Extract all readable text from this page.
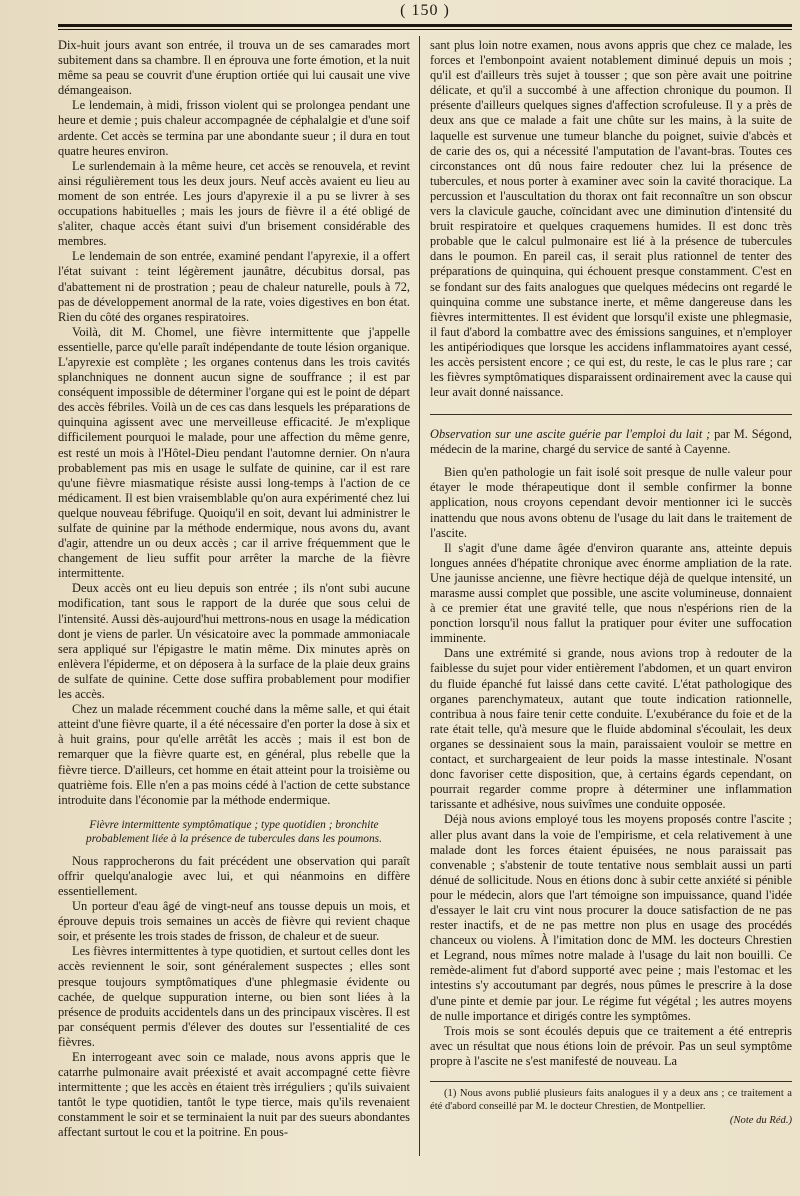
( 150 )

Dix-huit jours avant son entrée, il trouva un de ses camarades mort subitement dans sa chambre. Il en éprouva une forte émotion, et la nuit même sa peau se couvrit d'une éruption ortiée qui lui causait une vive démangeaison.

Le lendemain, à midi, frisson violent qui se prolongea pendant une heure et demie ; puis chaleur accompagnée de céphalalgie et d'une soif ardente. Cet accès se termina par une abondante sueur ; il dura en tout quatre heures environ.

Le surlendemain à la même heure, cet accès se renouvela, et revint ainsi régulièrement tous les deux jours. Neuf accès avaient eu lieu au moment de son entrée. Les jours d'apyrexie il a pu se livrer à ses occupations habituelles ; mais les jours de fièvre il a été obligé de s'aliter, chaque accès étant suivi d'un brisement considérable des membres.

Le lendemain de son entrée, examiné pendant l'apyrexie, il a offert l'état suivant : teint légèrement jaunâtre, décubitus dorsal, pas d'abattement ni de prostration ; peau de chaleur naturelle, pouls à 72, pas de développement anormal de la rate, voies digestives en bon état. Rien du côté des organes respiratoires.

Voilà, dit M. Chomel, une fièvre intermittente que j'appelle essentielle, parce qu'elle paraît indépendante de toute lésion organique. L'apyrexie est complète ; les organes contenus dans les trois cavités splanchniques ne donnent aucun signe de souffrance ; il est par conséquent impossible de déterminer l'organe qui est le point de départ des accès fébriles. Voilà un de ces cas dans lesquels les préparations de quinquina agissent avec une merveilleuse efficacité. Je m'explique difficilement pourquoi le malade, pour une affection du même genre, est resté un mois à l'Hôtel-Dieu pendant l'automne dernier. On n'aura probablement pas mis en usage le sulfate de quinine, car il est rare qu'une fièvre miasmatique résiste aussi long-temps à l'action de ce médicament. Il est bien vraisemblable qu'on aura expérimenté chez lui quelque nouveau fébrifuge. Quoiqu'il en soit, devant lui administrer le sulfate de quinine par la méthode endermique, nous avons du, avant d'agir, attendre un ou deux accès ; car il arrive fréquemment que le changement de lieu suffit pour arrêter la marche de la fièvre intermittente.

Deux accès ont eu lieu depuis son entrée ; ils n'ont subi aucune modification, tant sous le rapport de la durée que sous celui de l'intensité. Aussi dès-aujourd'hui mettrons-nous en usage la médication dont je viens de parler. Un vésicatoire avec la pommade ammoniacale sera appliqué sur l'épigastre le matin même. Dix minutes après on enlèvera l'épiderme, et on déposera à la surface de la plaie deux grains de sulfate de quinine. Cette dose suffira probablement pour modifier les accès.

Chez un malade récemment couché dans la même salle, et qui était atteint d'une fièvre quarte, il a été nécessaire d'en porter la dose à six et à huit grains, pour qu'elle arrêtât les accès ; mais il est bon de remarquer que la fièvre quarte est, en général, plus rebelle que la fièvre tierce. D'ailleurs, cet homme en était atteint pour la troisième ou quatrième fois. Elle n'en a pas moins cédé à l'action de cette substance introduite dans l'économie par la méthode endermique.

Fièvre intermittente symptômatique ; type quotidien ; bronchite probablement liée à la présence de tubercules dans les poumons.

Nous rapprocherons du fait précédent une observation qui paraît offrir quelqu'analogie avec lui, et qui néanmoins en diffère essentiellement.

Un porteur d'eau âgé de vingt-neuf ans tousse depuis un mois, et éprouve depuis trois semaines un accès de fièvre qui revient chaque soir, et présente les trois stades de frisson, de chaleur et de sueur.

Les fièvres intermittentes à type quotidien, et surtout celles dont les accès reviennent le soir, sont généralement suspectes ; elles sont presque toujours symptômatiques d'une phlegmasie évidente ou cachée, de quelque suppuration interne, ou bien sont liées à la présence de produits accidentels dans un des principaux viscères. Il est par conséquent permis d'élever des doutes sur l'essentialité de ces fièvres.

En interrogeant avec soin ce malade, nous avons appris que le catarrhe pulmonaire avait préexisté et avait accompagné cette fièvre intermittente ; que les accès en étaient très irréguliers ; qu'ils suivaient tantôt le type quotidien, tantôt le type tierce, mais qu'ils revenaient constamment le soir et se terminaient la nuit par des sueurs abondantes affectant surtout le cou et la poitrine. En pous-

sant plus loin notre examen, nous avons appris que chez ce malade, les forces et l'embonpoint avaient notablement diminué depuis un mois ; qu'il est d'ailleurs très sujet à tousser ; que son père avait une poitrine délicate, et qu'il a succombé à une affection chronique du poumon. Il présente d'ailleurs quelques signes d'affection scrofuleuse. Il y a près de deux ans que ce malade a fait une chûte sur les mains, à la suite de laquelle est survenue une tumeur blanche du poignet, suivie d'abcès et de carie des os, qui a nécessité l'amputation de l'avant-bras. Toutes ces circonstances ont dû nous faire redouter chez lui la présence de tubercules, et nous porter à examiner avec soin la cavité thoracique. La percussion et l'auscultation du thorax ont fait reconnaître un son obscur vers la clavicule gauche, coïncidant avec une diminution d'intensité du bruit respiratoire et quelques craquemens humides. Il est donc très probable que le calcul pulmonaire est lié à la présence de tubercules dans le poumon. En pareil cas, il serait plus rationnel de tenter des préparations de quinquina, qui échouent presque constamment. C'est en se fondant sur des faits analogues que quelques médecins ont regardé le quinquina comme une substance inerte, et même dangereuse dans les fièvres intermittentes. Il est évident que lorsqu'il existe une phlegmasie, il faut d'abord la combattre avec des émissions sanguines, et n'employer les antipériodiques que lorsque les accidens inflammatoires ayant cessé, les accès persistent encore ; ce qui est, du reste, le cas le plus rare ; car les fièvres symptômatiques disparaissent ordinairement avec la cause qui leur avait donné naissance.

Observation sur une ascite guérie par l'emploi du lait ; par M. Ségond, médecin de la marine, chargé du service de santé à Cayenne.

Bien qu'en pathologie un fait isolé soit presque de nulle valeur pour étayer le mode thérapeutique dont il semble confirmer la bonne application, nous croyons cependant devoir mentionner ici le succès inattendu que nous avons obtenu de l'usage du lait dans le traitement de l'ascite.

Il s'agit d'une dame âgée d'environ quarante ans, atteinte depuis longues années d'hépatite chronique avec énorme ampliation de la rate. Une jaunisse ancienne, une fièvre hectique déjà de quelque intensité, un marasme aussi complet que possible, une ascite volumineuse, donnaient à ce premier état une gravité telle, que nous n'espérions rien de la ponction lorsqu'il nous fallut la pratiquer pour éviter une suffocation imminente.

Dans une extrémité si grande, nous avions trop à redouter de la faiblesse du sujet pour vider entièrement l'abdomen, et un quart environ du fluide épanché fut laissé dans cette cavité. L'état pathologique des organes parenchymateux, autant que toute indication rationnelle, contribua à nous faire tenir cette conduite. L'exubérance du foie et de la rate était telle, qu'à mesure que le fluide abdominal s'écoulait, les deux organes se dessinaient sous la main, paraissaient vouloir se mettre en contact, et surchargeaient de leur poids la masse intestinale. N'osant donc favoriser cette disposition, que, à certains égards cependant, on pourrait regarder comme propre à déterminer une inflammation tarissante et adhésive, nous suivîmes une conduite opposée.

Déjà nous avions employé tous les moyens proposés contre l'ascite ; aller plus avant dans la voie de l'empirisme, et cela relativement à une malade dont les forces étaient épuisées, ne nous paraissait pas convenable ; s'abstenir de toute tentative nous semblait aussi un parti dénué de sollicitude. Nous en étions donc à subir cette anxiété si pénible pour le médecin, alors que l'art témoigne son impuissance, quand l'idée d'essayer le lait cru vint nous procurer la douce satisfaction de ne pas rester inactifs, et de ne pas mettre non plus en usage des procédés chanceux ou violens. À l'imitation donc de MM. les docteurs Chrestien et Legrand, nous mîmes notre malade à l'usage du lait non bouilli. Ce remède-aliment fut d'abord supporté avec peine ; mais l'estomac et les intestins s'y accoutumant par degrés, nous pûmes le prescrire à la dose d'une pinte et demie par jour. Le régime fut végétal ; les autres moyens de nulle importance et dirigés contre les symptômes.

Trois mois se sont écoulés depuis que ce traitement a été entrepris avec un résultat que nous étions loin de prévoir. Pas un seul symptôme propre à l'ascite ne s'est manifesté de nouveau. La

(1) Nous avons publié plusieurs faits analogues il y a deux ans ; ce traitement a été d'abord conseillé par M. le docteur Chrestien, de Montpellier.
(Note du Réd.)
